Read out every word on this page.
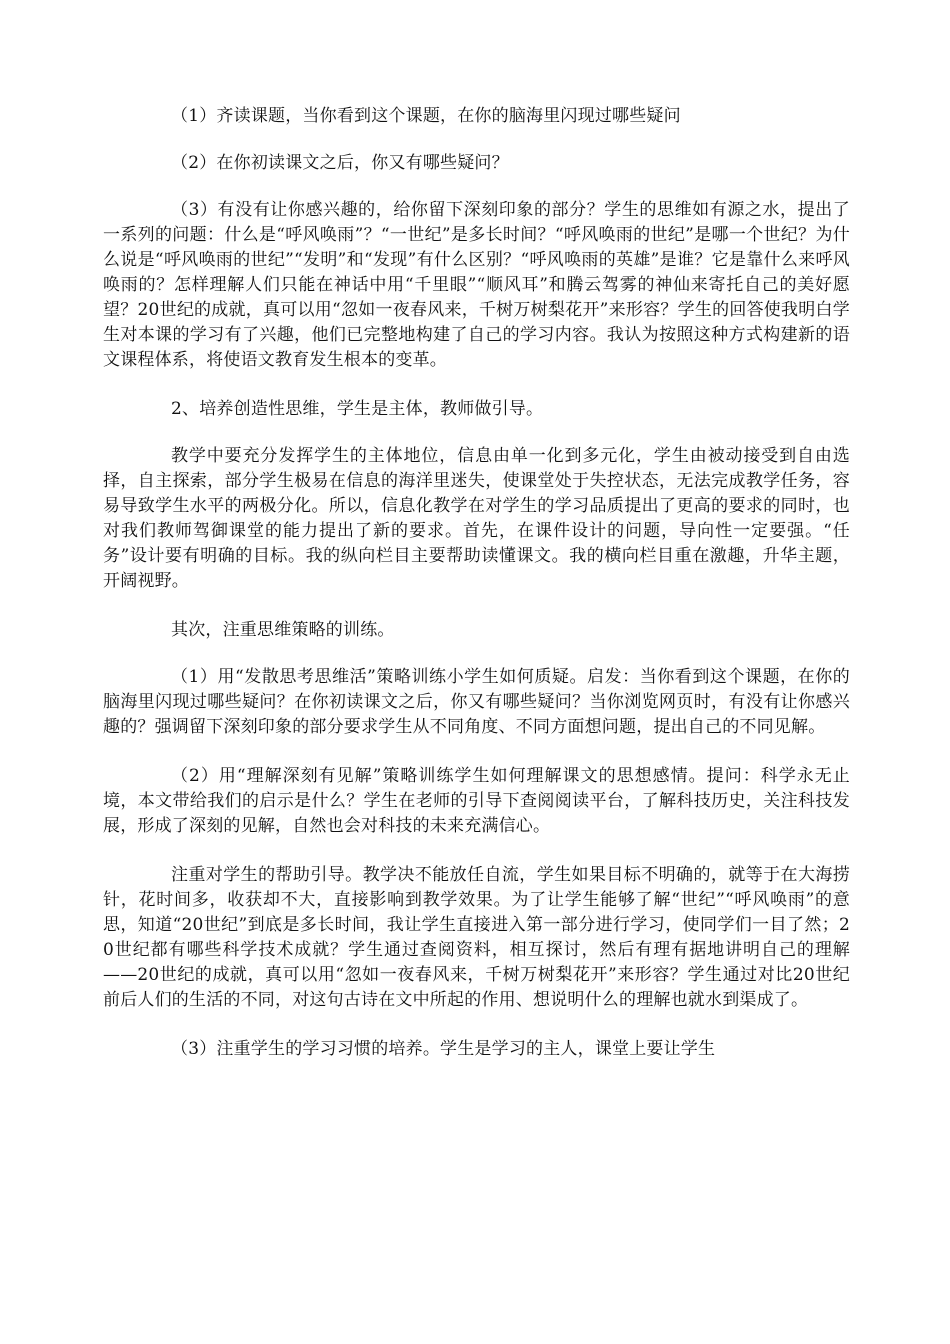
（1）齐读课题，当你看到这个课题，在你的脑海里闪现过哪些疑问

（2）在你初读课文之后，你又有哪些疑问？

（3）有没有让你感兴趣的，给你留下深刻印象的部分？学生的思维如有源之水，提出了一系列的问题：什么是“呼风唤雨”？“一世纪”是多长时间？“呼风唤雨的世纪”是哪一个世纪？为什么说是“呼风唤雨的世纪”“发明”和“发现”有什么区别？“呼风唤雨的英雄”是谁？它是靠什么来呼风唤雨的？怎样理解人们只能在神话中用“千里眼”“顺风耳”和腾云驾雾的神仙来寄托自己的美好愿望？20世纪的成就，真可以用“忽如一夜春风来，千树万树梨花开”来形容？学生的回答使我明白学生对本课的学习有了兴趣，他们已完整地构建了自己的学习内容。我认为按照这种方式构建新的语文课程体系，将使语文教育发生根本的变革。

2、培养创造性思维，学生是主体，教师做引导。

教学中要充分发挥学生的主体地位，信息由单一化到多元化，学生由被动接受到自由选择，自主探索，部分学生极易在信息的海洋里迷失，使课堂处于失控状态，无法完成教学任务，容易导致学生水平的两极分化。所以，信息化教学在对学生的学习品质提出了更高的要求的同时，也对我们教师驾御课堂的能力提出了新的要求。首先，在课件设计的问题，导向性一定要强。“任务”设计要有明确的目标。我的纵向栏目主要帮助读懂课文。我的横向栏目重在激趣，升华主题，开阔视野。

其次，注重思维策略的训练。

（1）用“发散思考思维活”策略训练小学生如何质疑。启发：当你看到这个课题，在你的脑海里闪现过哪些疑问？在你初读课文之后，你又有哪些疑问？当你浏览网页时，有没有让你感兴趣的？强调留下深刻印象的部分要求学生从不同角度、不同方面想问题，提出自己的不同见解。

（2）用“理解深刻有见解”策略训练学生如何理解课文的思想感情。提问：科学永无止境，本文带给我们的启示是什么？学生在老师的引导下查阅阅读平台，了解科技历史，关注科技发展，形成了深刻的见解，自然也会对科技的未来充满信心。

注重对学生的帮助引导。教学决不能放任自流，学生如果目标不明确的，就等于在大海捞针，花时间多，收获却不大，直接影响到教学效果。为了让学生能够了解“世纪”“呼风唤雨”的意思，知道“20世纪”到底是多长时间，我让学生直接进入第一部分进行学习，使同学们一目了然；20世纪都有哪些科学技术成就？学生通过查阅资料，相互探讨，然后有理有据地讲明自己的理解——20世纪的成就，真可以用“忽如一夜春风来，千树万树梨花开”来形容？学生通过对比20世纪前后人们的生活的不同，对这句古诗在文中所起的作用、想说明什么的理解也就水到渠成了。

（3）注重学生的学习习惯的培养。学生是学习的主人，课堂上要让学生
